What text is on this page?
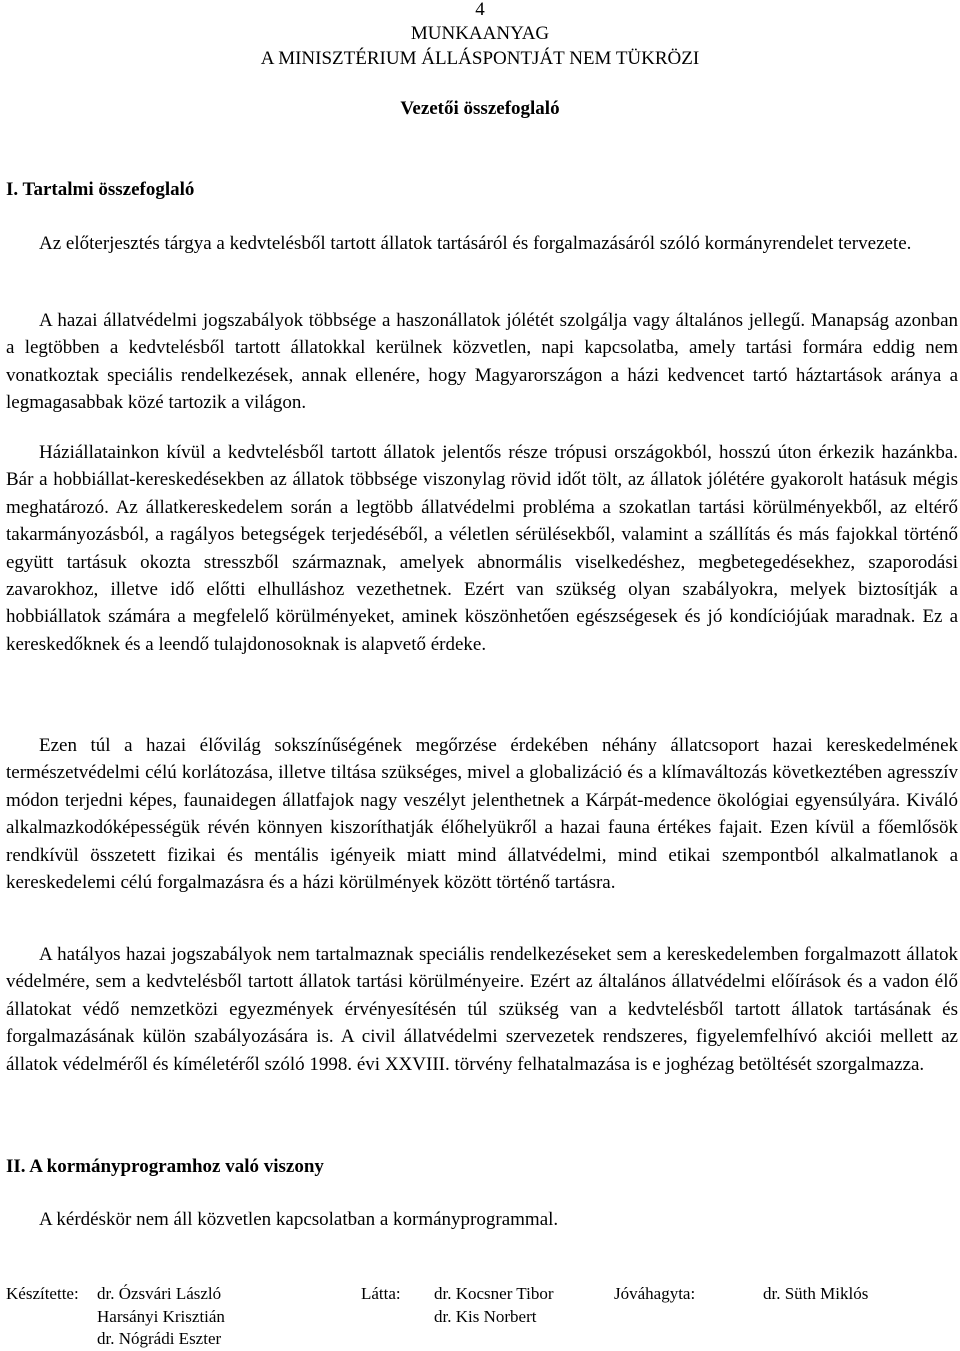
4
MUNKAANYAG
A MINISZTÉRIUM ÁLLÁSPONTJÁT NEM TÜKRÖZI
Vezetői összefoglaló
I. Tartalmi összefoglaló
Az előterjesztés tárgya a kedvtelésből tartott állatok tartásáról és forgalmazásáról szóló kormányrendelet tervezete.
A hazai állatvédelmi jogszabályok többsége a haszonállatok jólétét szolgálja vagy általános jellegű. Manapság azonban a legtöbben a kedvtelésből tartott állatokkal kerülnek közvetlen, napi kapcsolatba, amely tartási formára eddig nem vonatkoztak speciális rendelkezések, annak ellenére, hogy Magyarországon a házi kedvencet tartó háztartások aránya a legmagasabbak közé tartozik a világon.
Háziállatainkon kívül a kedvtelésből tartott állatok jelentős része trópusi országokból, hosszú úton érkezik hazánkba. Bár a hobbiállat-kereskedésekben az állatok többsége viszonylag rövid időt tölt, az állatok jólétére gyakorolt hatásuk mégis meghatározó. Az állatkereskedelem során a legtöbb állatvédelmi probléma a szokatlan tartási körülményekből, az eltérő takarmányozásból, a ragályos betegségek terjedéséből, a véletlen sérülésekből, valamint a szállítás és más fajokkal történő együtt tartásuk okozta stresszből származnak, amelyek abnormális viselkedéshez, megbetegedésekhez, szaporodási zavarokhoz, illetve idő előtti elhulláshoz vezethetnek. Ezért van szükség olyan szabályokra, melyek biztosítják a hobbiállatok számára a megfelelő körülményeket, aminek köszönhetően egészségesek és jó kondíciójúak maradnak. Ez a kereskedőknek és a leendő tulajdonosoknak is alapvető érdeke.
Ezen túl a hazai élővilág sokszínűségének megőrzése érdekében néhány állatcsoport hazai kereskedelmének természetvédelmi célú korlátozása, illetve tiltása szükséges, mivel a globalizáció és a klímaváltozás következtében agresszív módon terjedni képes, faunaidegen állatfajok nagy veszélyt jelenthetnek a Kárpát-medence ökológiai egyensúlyára. Kiváló alkalmazkodóképességük révén könnyen kiszoríthatják élőhelyükről a hazai fauna értékes fajait. Ezen kívül a főemlősök rendkívül összetett fizikai és mentális igényeik miatt mind állatvédelmi, mind etikai szempontból alkalmatlanok a kereskedelemi célú forgalmazásra és a házi körülmények között történő tartásra.
A hatályos hazai jogszabályok nem tartalmaznak speciális rendelkezéseket sem a kereskedelemben forgalmazott állatok védelmére, sem a kedvtelésből tartott állatok tartási körülményeire. Ezért az általános állatvédelmi előírások és a vadon élő állatokat védő nemzetközi egyezmények érvényesítésén túl szükség van a kedvtelésből tartott állatok tartásának és forgalmazásának külön szabályozására is. A civil állatvédelmi szervezetek rendszeres, figyelemfelhívó akciói mellett az állatok védelméről és kíméletéről szóló 1998. évi XXVIII. törvény felhatalmazása is e joghézag betöltését szorgalmazza.
II. A kormányprogramhoz való viszony
A kérdéskör nem áll közvetlen kapcsolatban a kormányprogrammal.
Készítette: dr. Ózsvári László
Harsányi Krisztián
dr. Nógrádi Eszter
Látta: dr. Kocsner Tibor
dr. Kis Norbert
Jóváhagyta:	dr. Süth Miklós
